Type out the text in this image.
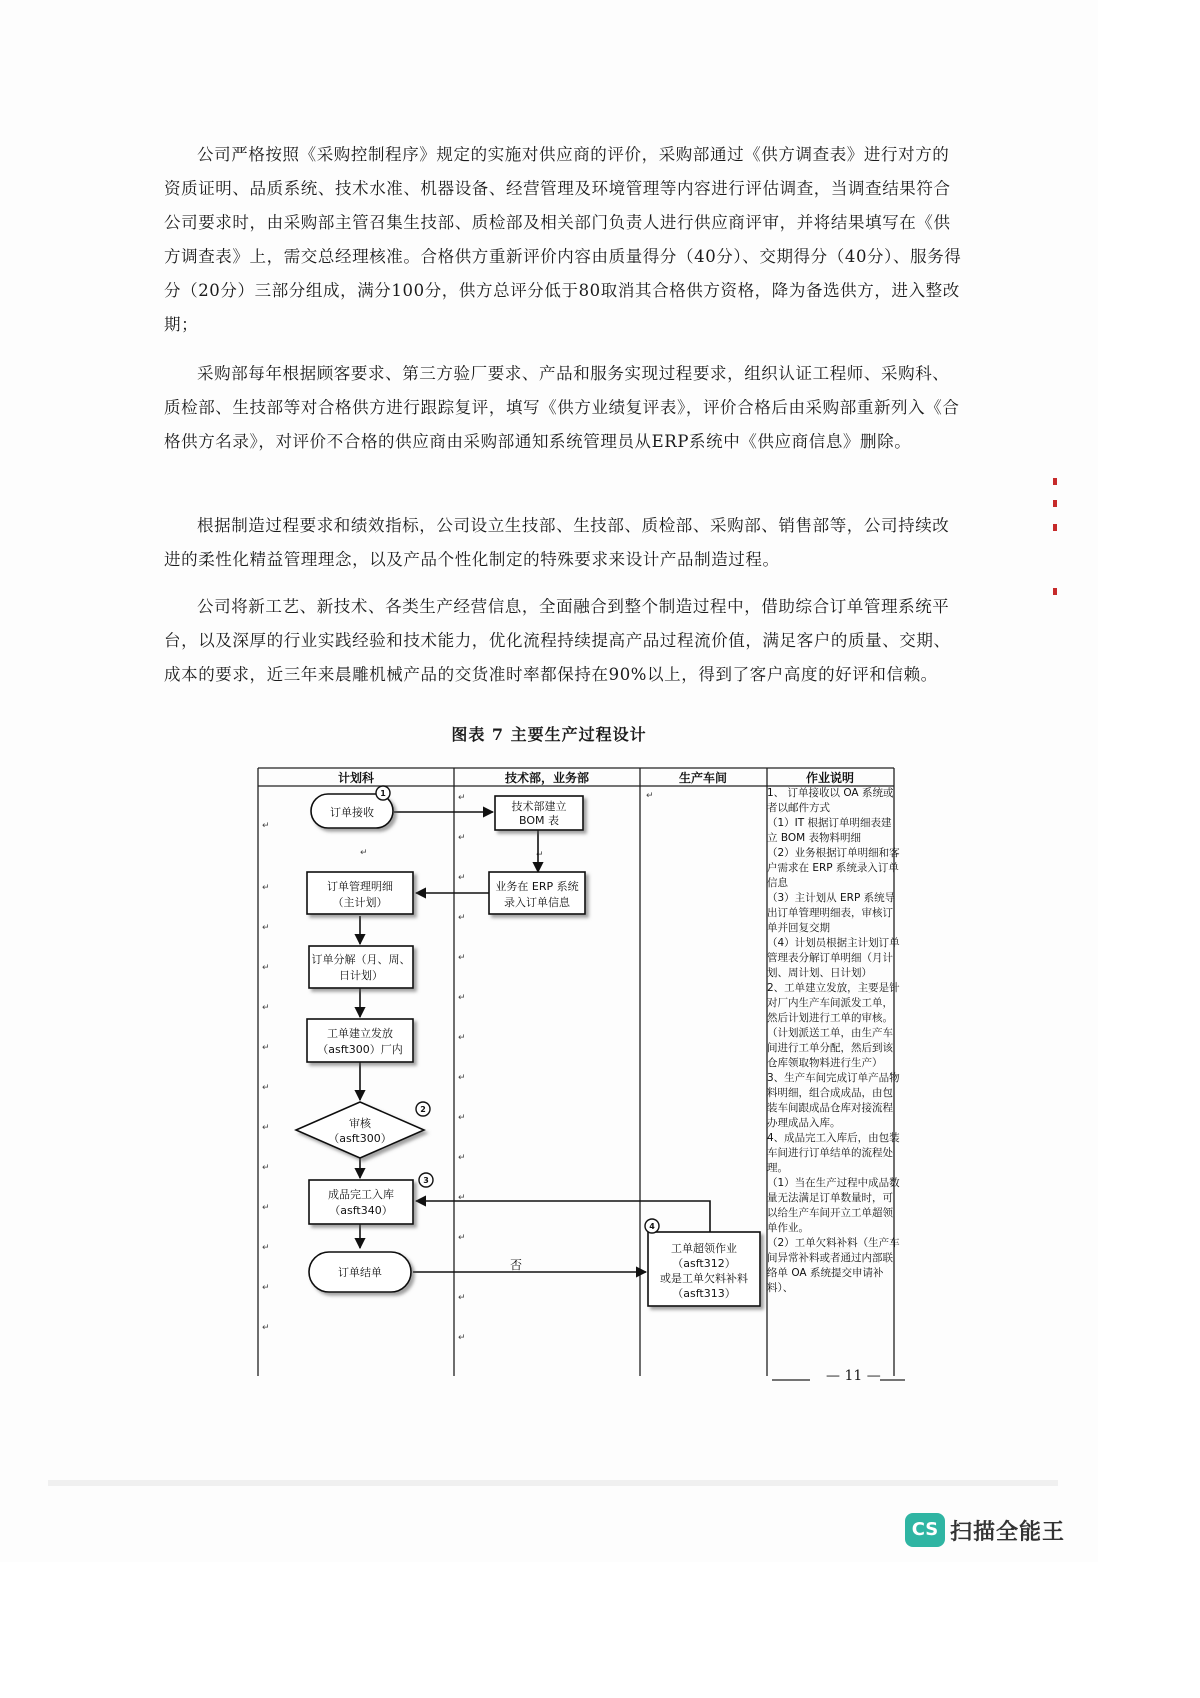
公司严格按照《采购控制程序》规定的实施对供应商的评价，采购部通过《供方调查表》进行对方的资质证明、品质系统、技术水准、机器设备、经营管理及环境管理等内容进行评估调查，当调查结果符合公司要求时，由采购部主管召集生技部、质检部及相关部门负责人进行供应商评审，并将结果填写在《供方调查表》上，需交总经理核准。合格供方重新评价内容由质量得分（40分）、交期得分（40分）、服务得分（20分）三部分组成，满分100分，供方总评分低于80取消其合格供方资格，降为备选供方，进入整改期；

采购部每年根据顾客要求、第三方验厂要求、产品和服务实现过程要求，组织认证工程师、采购科、质检部、生技部等对合格供方进行跟踪复评，填写《供方业绩复评表》，评价合格后由采购部重新列入《合格供方名录》，对评价不合格的供应商由采购部通知系统管理员从ERP系统中《供应商信息》删除。

根据制造过程要求和绩效指标，公司设立生技部、生技部、质检部、采购部、销售部等，公司持续改进的柔性化精益管理理念，以及产品个性化制定的特殊要求来设计产品制造过程。

公司将新工艺、新技术、各类生产经营信息，全面融合到整个制造过程中，借助综合订单管理系统平台，以及深厚的行业实践经验和技术能力，优化流程持续提高产品过程流价值，满足客户的质量、交期、成本的要求，近三年来晨雕机械产品的交货准时率都保持在90%以上，得到了客户高度的好评和信赖。

图表 7 主要生产过程设计
计划科	技术部，业务部	生产车间	作业说明
↵
↵
↵
↵
↵
↵
↵
↵
↵
↵
↵
↵
↵
↵
↵
↵
↵
↵
↵
↵
↵
↵
↵
↵
↵
↵
↵
↵
↵	↵
否
订单接收	技术部建立
BOM 表
业务在 ERP 系统
录入订单信息
订单管理明细
（主计划）
订单分解（月、周、
日计划）
工单建立发放
（asft300）厂内
审核
（asft300）
成品完工入库
（asft340）
订单结单
工单超领作业
（asft312）
或是工单欠料补料
（asft313）
1
2
3
4

1、 订单接收以 OA 系统或者以邮件方式

（1）IT 根据订单明细表建立 BOM 表物料明细

（2）业务根据订单明细和客户需求在 ERP 系统录入订单信息

（3）主计划从 ERP 系统导出订单管理明细表，审核订单并回复交期

（4）计划员根据主计划订单管理表分解订单明细（月计划、周计划、日计划）

2、工单建立发放，主要是针对厂内生产车间派发工单，然后计划进行工单的审核。（计划派送工单，由生产车间进行工单分配，然后到该仓库领取物料进行生产）

3、生产车间完成订单产品物料明细，组合成成品，由包装车间跟成品仓库对接流程办理成品入库。

4、成品完工入库后，由包装车间进行订单结单的流程处理。

（1）当在生产过程中成品数量无法满足订单数量时，可以给生产车间开立工单超领单作业。

（2）工单欠料补料（生产车间异常补料或者通过内部联络单 OA 系统提交申请补料）、

— 11 —
CS 扫描全能王
